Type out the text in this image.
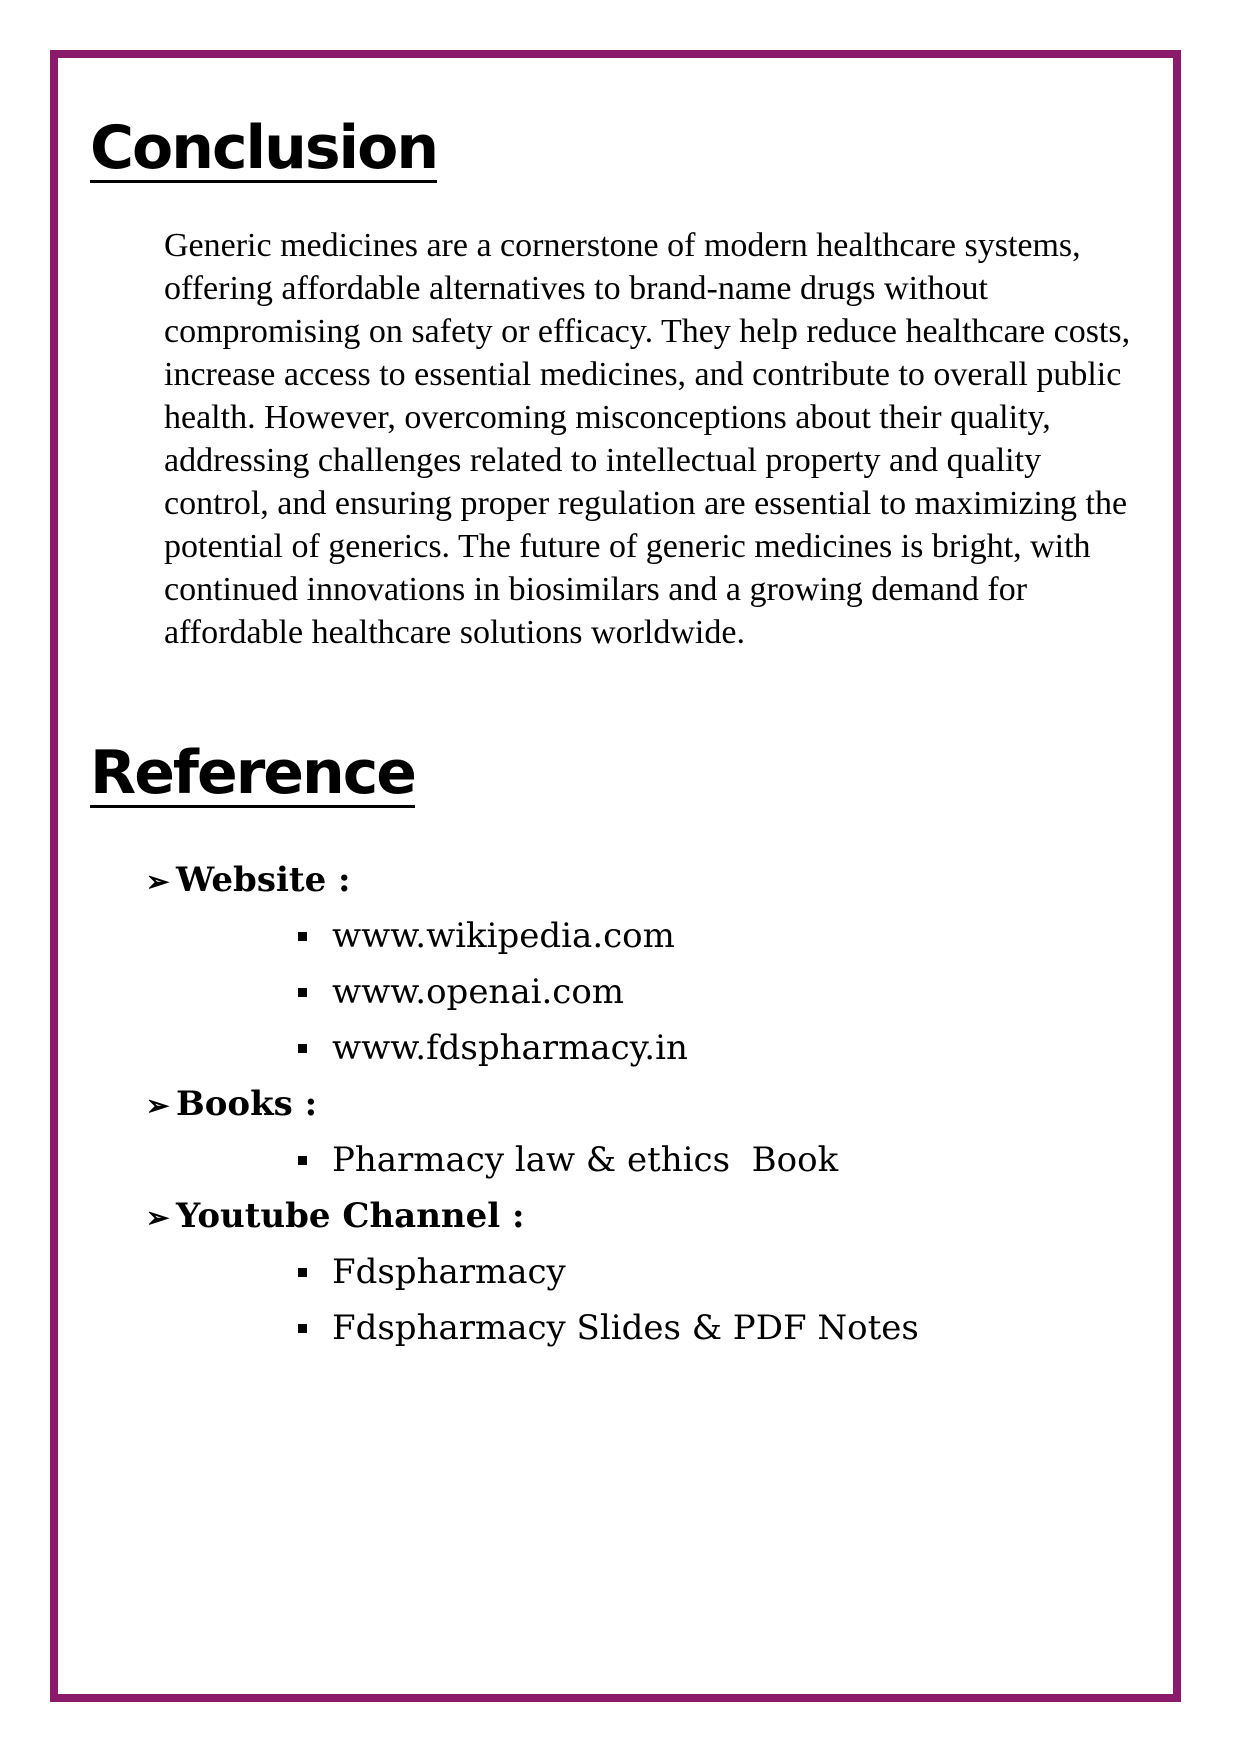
Conclusion

Generic medicines are a cornerstone of modern healthcare systems, offering affordable alternatives to brand-name drugs without compromising on safety or efficacy. They help reduce healthcare costs, increase access to essential medicines, and contribute to overall public health. However, overcoming misconceptions about their quality, addressing challenges related to intellectual property and quality control, and ensuring proper regulation are essential to maximizing the potential of generics. The future of generic medicines is bright, with continued innovations in biosimilars and a growing demand for affordable healthcare solutions worldwide.

Reference
➢ Website :
www.wikipedia.com
www.openai.com
www.fdspharmacy.in
➢ Books :
Pharmacy law & ethics  Book
➢ Youtube Channel :
Fdspharmacy
Fdspharmacy Slides & PDF Notes
